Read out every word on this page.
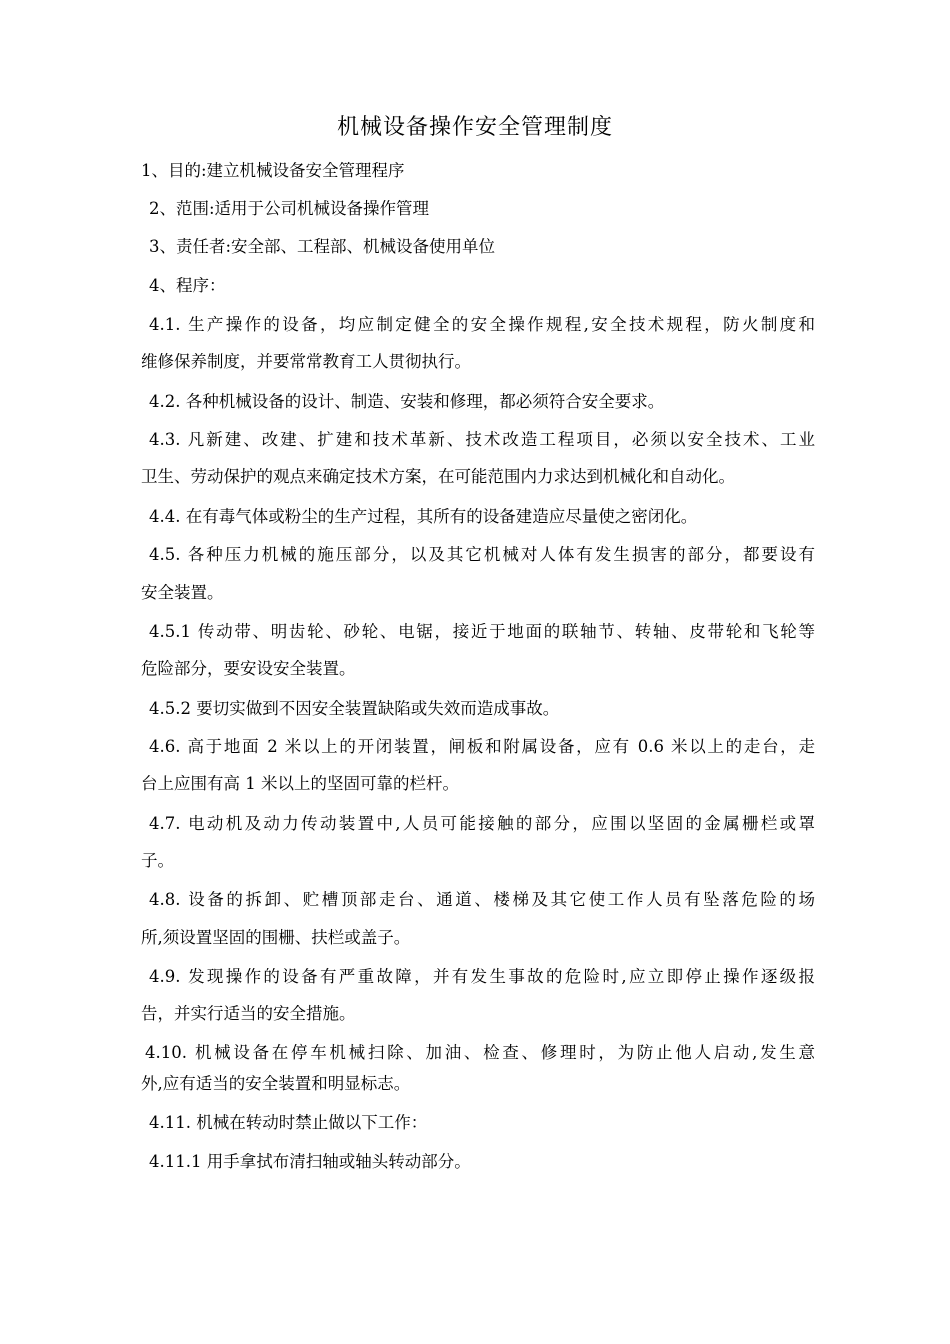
机械设备操作安全管理制度
1、目的:建立机械设备安全管理程序
2、范围:适用于公司机械设备操作管理
3、责任者:安全部、工程部、机械设备使用单位
4、程序：
4.1. 生产操作的设备，均应制定健全的安全操作规程,安全技术规程，防火制度和
维修保养制度，并要常常教育工人贯彻执行。
4.2. 各种机械设备的设计、制造、安装和修理，都必须符合安全要求。
4.3. 凡新建、改建、扩建和技术革新、技术改造工程项目，必须以安全技术、工业
卫生、劳动保护的观点来确定技术方案，在可能范围内力求达到机械化和自动化。
4.4. 在有毒气体或粉尘的生产过程，其所有的设备建造应尽量使之密闭化。
4.5. 各种压力机械的施压部分，以及其它机械对人体有发生损害的部分，都要设有
安全装置。
4.5.1 传动带、明齿轮、砂轮、电锯，接近于地面的联轴节、转轴、皮带轮和飞轮等
危险部分，要安设安全装置。
4.5.2 要切实做到不因安全装置缺陷或失效而造成事故。
4.6. 高于地面 2 米以上的开闭装置，闸板和附属设备，应有 0.6 米以上的走台，走
台上应围有高 1 米以上的坚固可靠的栏杆。
4.7. 电动机及动力传动装置中,人员可能接触的部分，应围以坚固的金属栅栏或罩
子。
4.8. 设备的拆卸、贮槽顶部走台、通道、楼梯及其它使工作人员有坠落危险的场
所,须设置坚固的围栅、扶栏或盖子。
4.9. 发现操作的设备有严重故障，并有发生事故的危险时,应立即停止操作逐级报
告，并实行适当的安全措施。
4.10. 机械设备在停车机械扫除、加油、检查、修理时，为防止他人启动,发生意
外,应有适当的安全装置和明显标志。
4.11. 机械在转动时禁止做以下工作：
4.11.1 用手拿拭布清扫轴或轴头转动部分。
